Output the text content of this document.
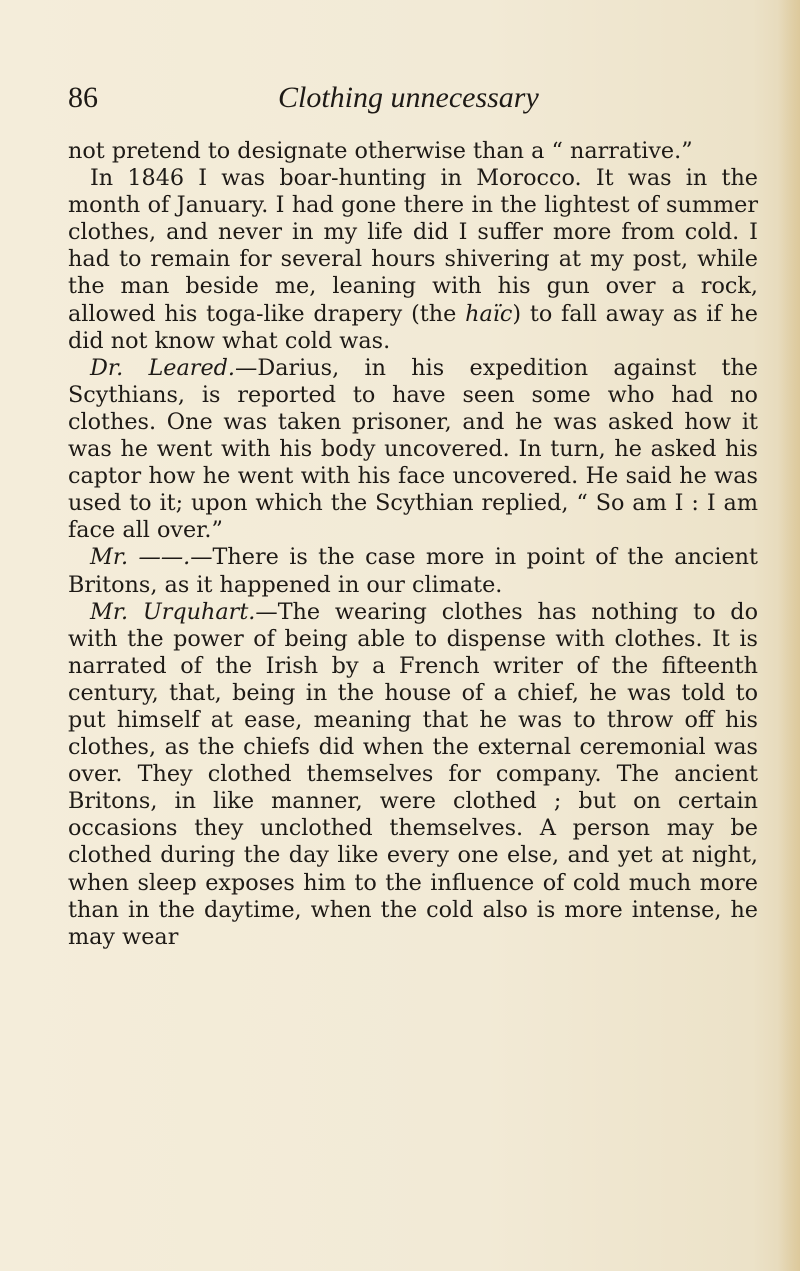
86	Clothing unnecessary

not pretend to designate otherwise than a “ narrative.”

In 1846 I was boar-hunting in Morocco. It was in the month of January. I had gone there in the lightest of summer clothes, and never in my life did I suffer more from cold. I had to remain for several hours shivering at my post, while the man beside me, leaning with his gun over a rock, allowed his toga-like drapery (the haïc) to fall away as if he did not know what cold was.

Dr. Leared.—Darius, in his expedition against the Scythians, is reported to have seen some who had no clothes. One was taken prisoner, and he was asked how it was he went with his body uncovered. In turn, he asked his captor how he went with his face uncovered. He said he was used to it; upon which the Scythian replied, “ So am I : I am face all over.”

Mr. ——.—There is the case more in point of the ancient Britons, as it happened in our climate.

Mr. Urquhart.—The wearing clothes has nothing to do with the power of being able to dispense with clothes. It is narrated of the Irish by a French writer of the fifteenth century, that, being in the house of a chief, he was told to put himself at ease, meaning that he was to throw off his clothes, as the chiefs did when the external ceremonial was over. They clothed themselves for company. The ancient Britons, in like manner, were clothed ; but on certain occasions they unclothed themselves. A person may be clothed during the day like every one else, and yet at night, when sleep exposes him to the influence of cold much more than in the daytime, when the cold also is more intense, he may wear
